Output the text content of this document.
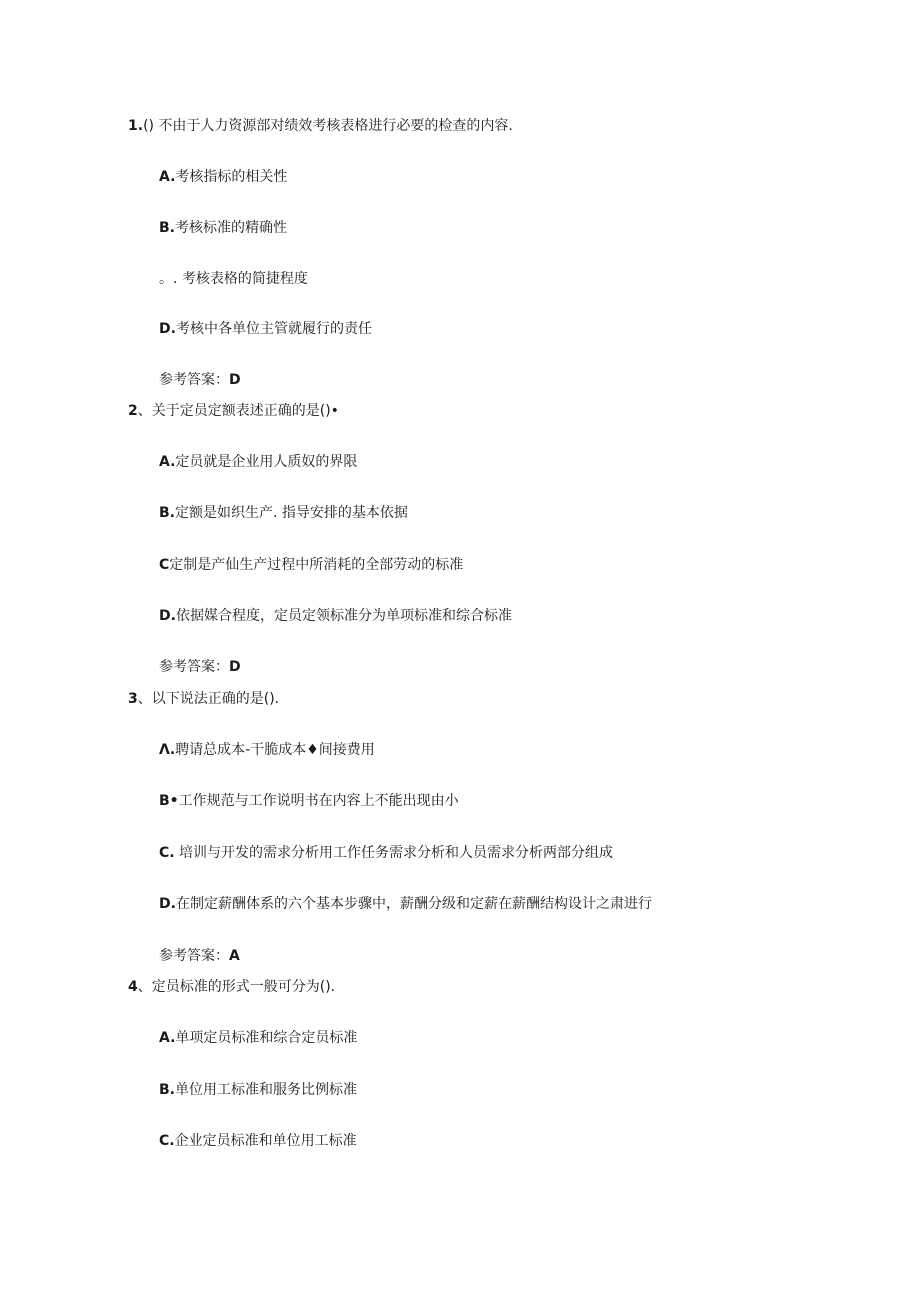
1.() 不由于人力资源部对绩效考核表格进行必要的检查的内容.
A.考核指标的相关性
B.考核标准的精确性
。. 考核表格的简捷程度
D.考核中各单位主管就履行的责任
参考答案：D
2、关于定员定额表述正确的是()•
A.定员就是企业用人质奴的界限
B.定额是如织生产. 指导安排的基本依据
C定制是产仙生产过程中所消耗的全部劳动的标准
D.依据媒合程度，定员定领标准分为单项标准和综合标准
参考答案：D
3、以下说法正确的是().
Λ.聘请总成本-干脆成本♦间接费用
B•工作规范与工作说明书在内容上不能出现由小
C. 培训与开发的需求分析用工作任务需求分析和人员需求分析两部分组成
D.在制定薪酬体系的六个基本步骤中，薪酬分级和定薪在薪酬结构设计之肃进行
参考答案：A
4、定员标准的形式一般可分为().
A.单项定员标准和综合定员标准
B.单位用工标准和服务比例标准
C.企业定员标准和单位用工标准
